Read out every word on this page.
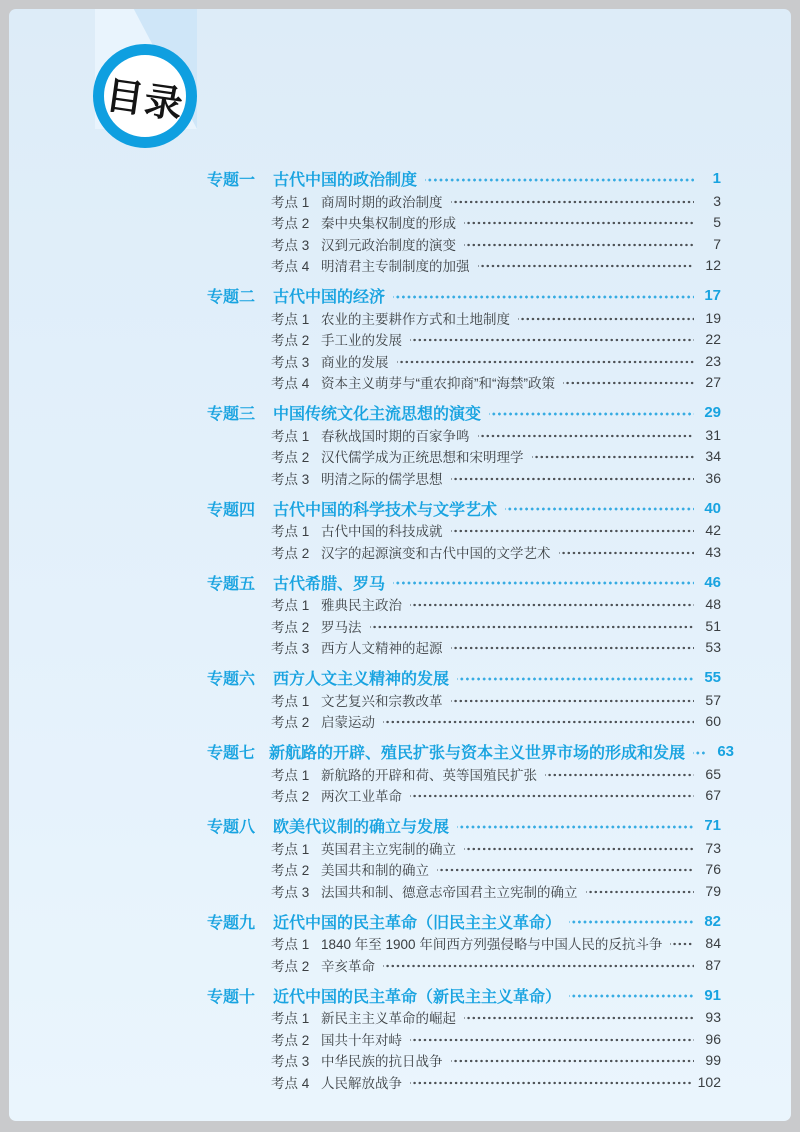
目录
专题一 古代中国的政治制度	1
考点 1 商周时期的政治制度	3
考点 2 秦中央集权制度的形成	5
考点 3 汉到元政治制度的演变	7
考点 4 明清君主专制制度的加强	12
专题二 古代中国的经济	17
考点 1 农业的主要耕作方式和土地制度	19
考点 2 手工业的发展	22
考点 3 商业的发展	23
考点 4 资本主义萌芽与“重农抑商”和“海禁”政策	27
专题三 中国传统文化主流思想的演变	29
考点 1 春秋战国时期的百家争鸣	31
考点 2 汉代儒学成为正统思想和宋明理学	34
考点 3 明清之际的儒学思想	36
专题四 古代中国的科学技术与文学艺术	40
考点 1 古代中国的科技成就	42
考点 2 汉字的起源演变和古代中国的文学艺术	43
专题五 古代希腊、罗马	46
考点 1 雅典民主政治	48
考点 2 罗马法	51
考点 3 西方人文精神的起源	53
专题六 西方人文主义精神的发展	55
考点 1 文艺复兴和宗教改革	57
考点 2 启蒙运动	60
专题七 新航路的开辟、殖民扩张与资本主义世界市场的形成和发展	63
考点 1 新航路的开辟和荷、英等国殖民扩张	65
考点 2 两次工业革命	67
专题八 欧美代议制的确立与发展	71
考点 1 英国君主立宪制的确立	73
考点 2 美国共和制的确立	76
考点 3 法国共和制、德意志帝国君主立宪制的确立	79
专题九 近代中国的民主革命（旧民主主义革命）	82
考点 1 1840 年至 1900 年间西方列强侵略与中国人民的反抗斗争	84
考点 2 辛亥革命	87
专题十 近代中国的民主革命（新民主主义革命）	91
考点 1 新民主主义革命的崛起	93
考点 2 国共十年对峙	96
考点 3 中华民族的抗日战争	99
考点 4 人民解放战争	102
